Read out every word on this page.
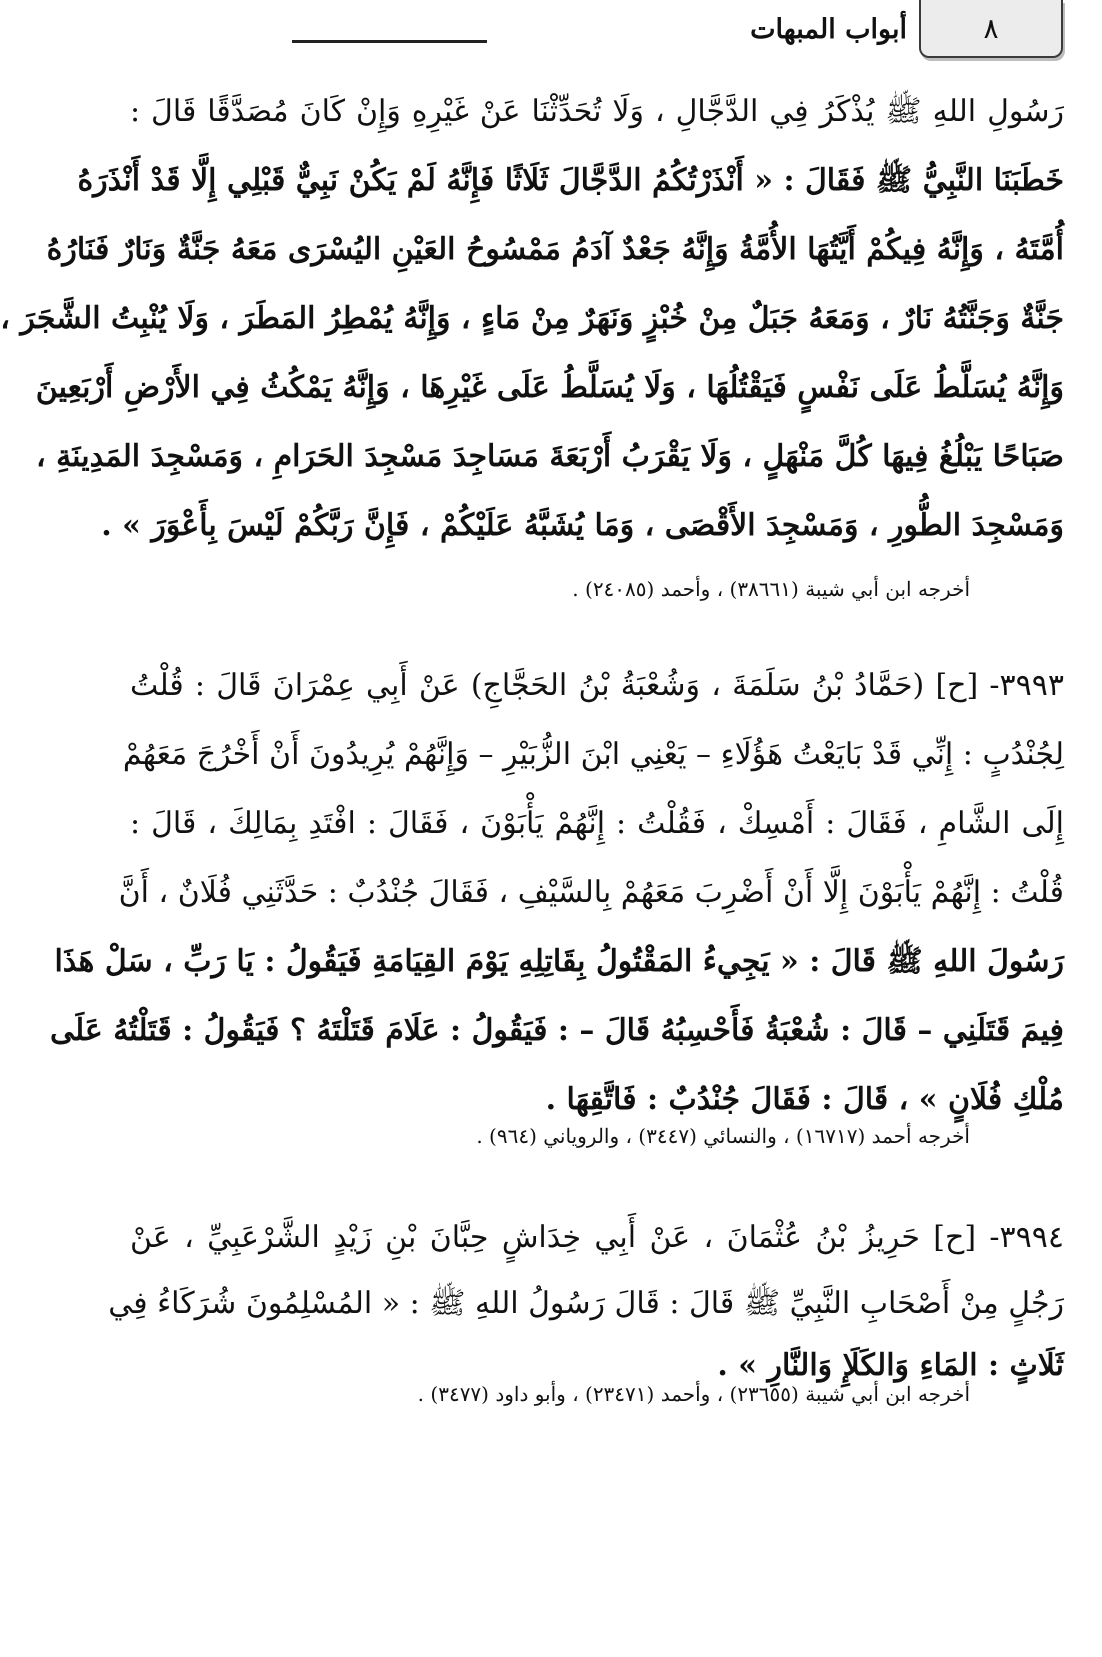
٨
أبواب المبهات
رَسُولِ اللهِ ﷺ يُذْكَرُ فِي الدَّجَّالِ ، وَلَا تُحَدِّثْنَا عَنْ غَيْرِهِ وَإِنْ كَانَ مُصَدَّقًا قَالَ :
خَطَبَنَا النَّبِيُّ ﷺ فَقَالَ : « أَنْذَرْتُكُمُ الدَّجَّالَ ثَلَاثًا فَإِنَّهُ لَمْ يَكُنْ نَبِيٌّ قَبْلِي إِلَّا قَدْ أَنْذَرَهُ
أُمَّتَهُ ، وَإِنَّهُ فِيكُمْ أَيَّتُهَا الأُمَّةُ وَإِنَّهُ جَعْدٌ آدَمُ مَمْسُوحُ العَيْنِ اليُسْرَى مَعَهُ جَنَّةٌ وَنَارٌ فَنَارُهُ
جَنَّةٌ وَجَنَّتُهُ نَارٌ ، وَمَعَهُ جَبَلٌ مِنْ خُبْزٍ وَنَهَرٌ مِنْ مَاءٍ ، وَإِنَّهُ يُمْطِرُ المَطَرَ ، وَلَا يُنْبِتُ الشَّجَرَ ،
وَإِنَّهُ يُسَلَّطُ عَلَى نَفْسٍ فَيَقْتُلُهَا ، وَلَا يُسَلَّطُ عَلَى غَيْرِهَا ، وَإِنَّهُ يَمْكُثُ فِي الأَرْضِ أَرْبَعِينَ
صَبَاحًا يَبْلُغُ فِيهَا كُلَّ مَنْهَلٍ ، وَلَا يَقْرَبُ أَرْبَعَةَ مَسَاجِدَ مَسْجِدَ الحَرَامِ ، وَمَسْجِدَ المَدِينَةِ ،
وَمَسْجِدَ الطُّورِ ، وَمَسْجِدَ الأَقْصَى ، وَمَا يُشَبَّهُ عَلَيْكُمْ ، فَإِنَّ رَبَّكُمْ لَيْسَ بِأَعْوَرَ » .
أخرجه ابن أبي شيبة (٣٨٦٦١) ، وأحمد (٢٤٠٨٥) .
٣٩٩٣- [ح] (حَمَّادُ بْنُ سَلَمَةَ ، وَشُعْبَةُ بْنُ الحَجَّاجِ) عَنْ أَبِي عِمْرَانَ قَالَ : قُلْتُ
لِجُنْدُبٍ : إِنِّي قَدْ بَايَعْتُ هَؤُلَاءِ – يَعْنِي ابْنَ الزُّبَيْرِ – وَإِنَّهُمْ يُرِيدُونَ أَنْ أَخْرُجَ مَعَهُمْ
إِلَى الشَّامِ ، فَقَالَ : أَمْسِكْ ، فَقُلْتُ : إِنَّهُمْ يَأْبَوْنَ ، فَقَالَ : افْتَدِ بِمَالِكَ ، قَالَ :
قُلْتُ : إِنَّهُمْ يَأْبَوْنَ إِلَّا أَنْ أَضْرِبَ مَعَهُمْ بِالسَّيْفِ ، فَقَالَ جُنْدُبٌ : حَدَّثَنِي فُلَانٌ ، أَنَّ
رَسُولَ اللهِ ﷺ قَالَ : « يَجِيءُ المَقْتُولُ بِقَاتِلِهِ يَوْمَ القِيَامَةِ فَيَقُولُ : يَا رَبِّ ، سَلْ هَذَا
فِيمَ قَتَلَنِي – قَالَ : شُعْبَةُ فَأَحْسِبُهُ قَالَ – : فَيَقُولُ : عَلَامَ قَتَلْتَهُ ؟ فَيَقُولُ : قَتَلْتُهُ عَلَى
مُلْكِ فُلَانٍ » ، قَالَ : فَقَالَ جُنْدُبٌ : فَاتَّقِهَا .
أخرجه أحمد (١٦٧١٧) ، والنسائي (٣٤٤٧) ، والروياني (٩٦٤) .
٣٩٩٤- [ح] حَرِيزُ بْنُ عُثْمَانَ ، عَنْ أَبِي خِدَاشٍ حِبَّانَ بْنِ زَيْدٍ الشَّرْعَبِيِّ ، عَنْ
رَجُلٍ مِنْ أَصْحَابِ النَّبِيِّ ﷺ قَالَ : قَالَ رَسُولُ اللهِ ﷺ : « المُسْلِمُونَ شُرَكَاءُ فِي
ثَلَاثٍ : المَاءِ وَالكَلَإِ وَالنَّارِ » .
أخرجه ابن أبي شيبة (٢٣٦٥٥) ، وأحمد (٢٣٤٧١) ، وأبو داود (٣٤٧٧) .
